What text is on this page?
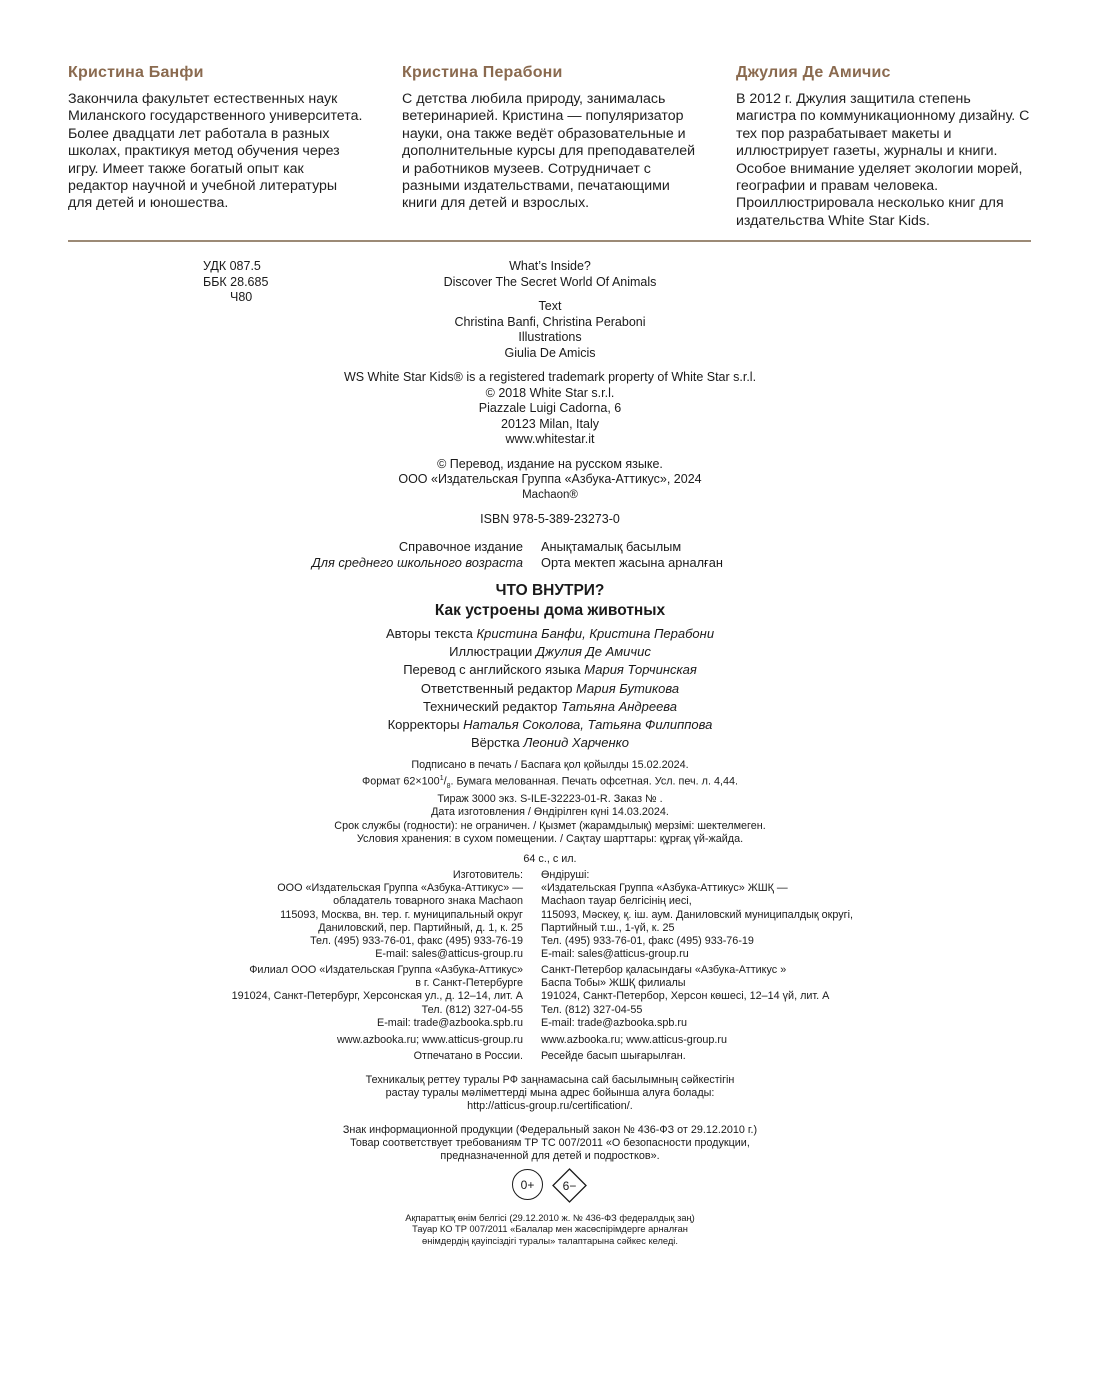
Кристина Банфи

Закончила факультет естественных наук Миланского государственного университета. Более двадцати лет работала в разных школах, практикуя метод обучения через игру. Имеет также богатый опыт как редактор научной и учебной литературы для детей и юношества.

Кристина Перабони

С детства любила природу, занималась ветеринарией. Кристина — популяризатор науки, она также ведёт образовательные и дополнительные курсы для преподавателей и работников музеев. Сотрудничает с разными издательствами, печатающими книги для детей и взрослых.

Джулия Де Амичис

В 2012 г. Джулия защитила степень магистра по коммуникационному дизайну. С тех пор разрабатывает макеты и иллюстрирует газеты, журналы и книги. Особое внимание уделяет экологии морей, географии и правам человека. Проиллюстрировала несколько книг для издательства White Star Kids.

УДК 087.5
ББК 28.685
Ч80

What’s Inside?

Discover The Secret World Of Animals

Text

Christina Banfi, Christina Peraboni

Illustrations

Giulia De Amicis

WS White Star Kids® is a registered trademark property of White Star s.r.l.

© 2018 White Star s.r.l.

Piazzale Luigi Cadorna, 6

20123 Milan, Italy

www.whitestar.it

© Перевод, издание на русском языке.

ООО «Издательская Группа «Азбука-Аттикус», 2024

Machaon®

ISBN 978-5-389-23273-0

Справочное издание

Для среднего школьного возраста

Анықтамалық басылым

Орта мектеп жасына арналған

ЧТО ВНУТРИ?

Как устроены дома животных

Авторы текста Кристина Банфи, Кристина Перабони

Иллюстрации Джулия Де Амичис

Перевод с английского языка Мария Торчинская

Ответственный редактор Мария Бутикова

Технический редактор Татьяна Андреева

Корректоры Наталья Соколова, Татьяна Филиппова

Вёрстка Леонид Харченко

Подписано в печать / Баспаға қол қойылды 15.02.2024.

Формат $62\times 100^1/_8$. Бумага мелованная. Печать офсетная. Усл. печ. л. 4,44.

Тираж 3000 экз. S-ILE-32223-01-R. Заказ № .

Дата изготовления / Өндірілген күні 14.03.2024.

Срок службы (годности): не ограничен. / Қызмет (жарамдылық) мерзімі: шектелмеген.

Условия хранения: в сухом помещении. / Сақтау шарттары: құрғақ үй-жайда.

64 с., с ил.

Изготовитель:

ООО «Издательская Группа «Азбука-Аттикус» —

обладатель товарного знака Machaon

115093, Москва, вн. тер. г. муниципальный округ

Даниловский, пер. Партийный, д. 1, к. 25

Тел. (495) 933-76-01, факс (495) 933-76-19

E-mail: sales@atticus-group.ru

Өндіруші:

«Издательская Группа «Азбука-Аттикус» ЖШҚ —

Machaon тауар белгісінің иесі,

115093, Мәскеу, қ. іш. аум. Даниловский муниципалдық округі,

Партийный т.ш., 1-үй, к. 25

Тел. (495) 933-76-01, факс (495) 933-76-19

E-mail: sales@atticus-group.ru

Филиал ООО «Издательская Группа «Азбука-Аттикус»

в г. Санкт-Петербурге

191024, Санкт-Петербург, Херсонская ул., д. 12–14, лит. А

Тел. (812) 327-04-55

E-mail: trade@azbooka.spb.ru

Санкт-Петербор қаласындағы «Азбука-Аттикус »

Баспа Тобы» ЖШҚ филиалы

191024, Санкт-Петербор, Херсон көшесі, 12–14 үй, лит. А

Тел. (812) 327-04-55

E-mail: trade@azbooka.spb.ru

www.azbooka.ru; www.atticus-group.ru www.azbooka.ru; www.atticus-group.ru

Отпечатано в России. Ресейде басып шығарылған.

Техникалық реттеу туралы РФ заңнамасына сай басылымның сәйкестігін

растау туралы мәліметтерді мына адрес бойынша алуға болады:

http://atticus-group.ru/certification/.

Знак информационной продукции (Федеральный закон № 436-ФЗ от 29.12.2010 г.)

Товар соответствует требованиям ТР ТС 007/2011 «О безопасности продукции,

предназначенной для детей и подростков».

0+	6−

Ақпараттық өнім белгісі (29.12.2010 ж. № 436-ФЗ федералдық заң)

Тауар КО ТР 007/2011 «Балалар мен жасөспірімдерге арналған

өнімдердің қауіпсіздігі туралы» талаптарына сәйкес келеді.
